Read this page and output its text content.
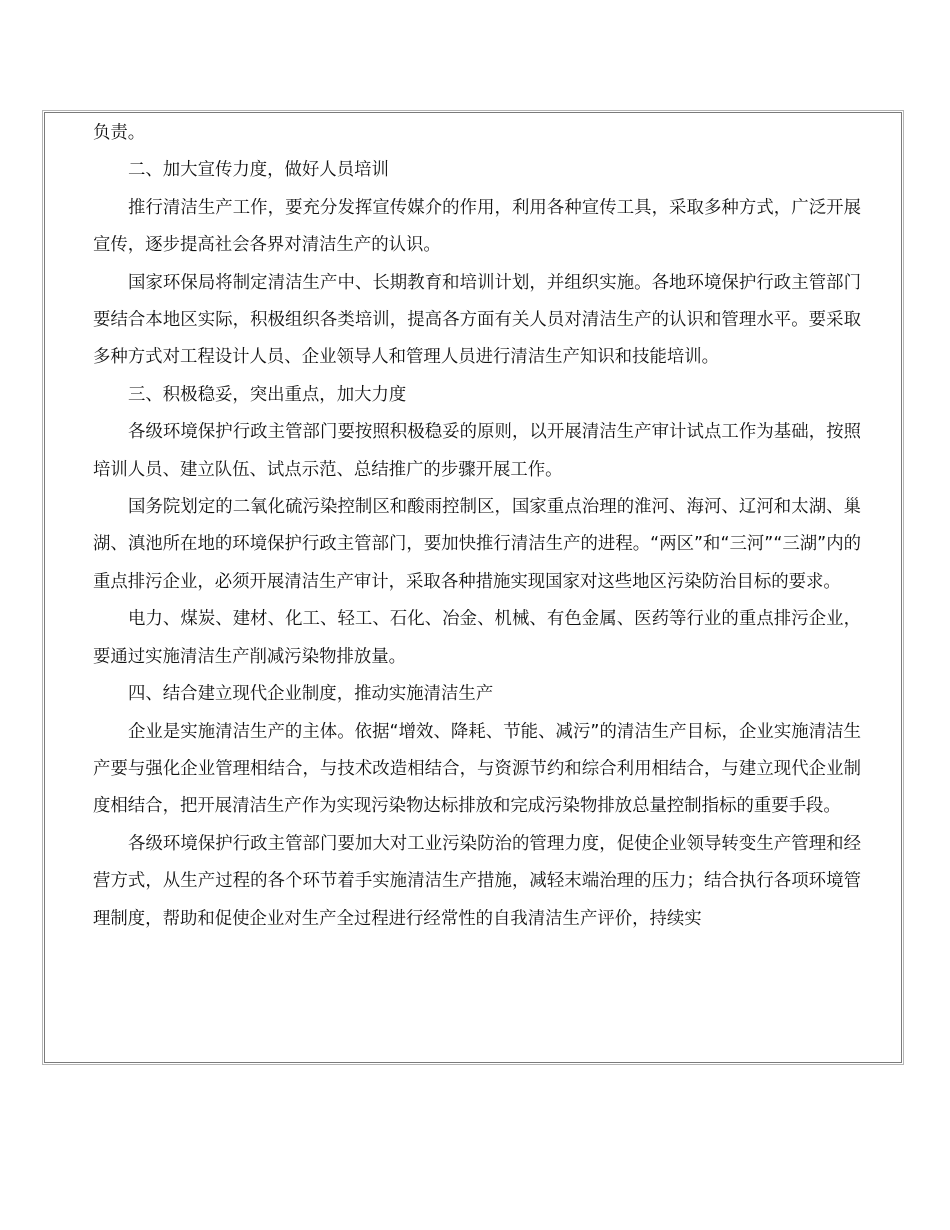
负责。

二、加大宣传力度，做好人员培训

推行清洁生产工作，要充分发挥宣传媒介的作用，利用各种宣传工具，采取多种方式，广泛开展宣传，逐步提高社会各界对清洁生产的认识。

国家环保局将制定清洁生产中、长期教育和培训计划，并组织实施。各地环境保护行政主管部门要结合本地区实际，积极组织各类培训，提高各方面有关人员对清洁生产的认识和管理水平。要采取多种方式对工程设计人员、企业领导人和管理人员进行清洁生产知识和技能培训。

三、积极稳妥，突出重点，加大力度

各级环境保护行政主管部门要按照积极稳妥的原则，以开展清洁生产审计试点工作为基础，按照培训人员、建立队伍、试点示范、总结推广的步骤开展工作。

国务院划定的二氧化硫污染控制区和酸雨控制区，国家重点治理的淮河、海河、辽河和太湖、巢湖、滇池所在地的环境保护行政主管部门，要加快推行清洁生产的进程。“两区”和“三河”“三湖”内的重点排污企业，必须开展清洁生产审计，采取各种措施实现国家对这些地区污染防治目标的要求。

电力、煤炭、建材、化工、轻工、石化、冶金、机械、有色金属、医药等行业的重点排污企业，要通过实施清洁生产削减污染物排放量。

四、结合建立现代企业制度，推动实施清洁生产

企业是实施清洁生产的主体。依据“增效、降耗、节能、减污”的清洁生产目标，企业实施清洁生产要与强化企业管理相结合，与技术改造相结合，与资源节约和综合利用相结合，与建立现代企业制度相结合，把开展清洁生产作为实现污染物达标排放和完成污染物排放总量控制指标的重要手段。

各级环境保护行政主管部门要加大对工业污染防治的管理力度，促使企业领导转变生产管理和经营方式，从生产过程的各个环节着手实施清洁生产措施，减轻末端治理的压力；结合执行各项环境管理制度，帮助和促使企业对生产全过程进行经常性的自我清洁生产评价，持续实
